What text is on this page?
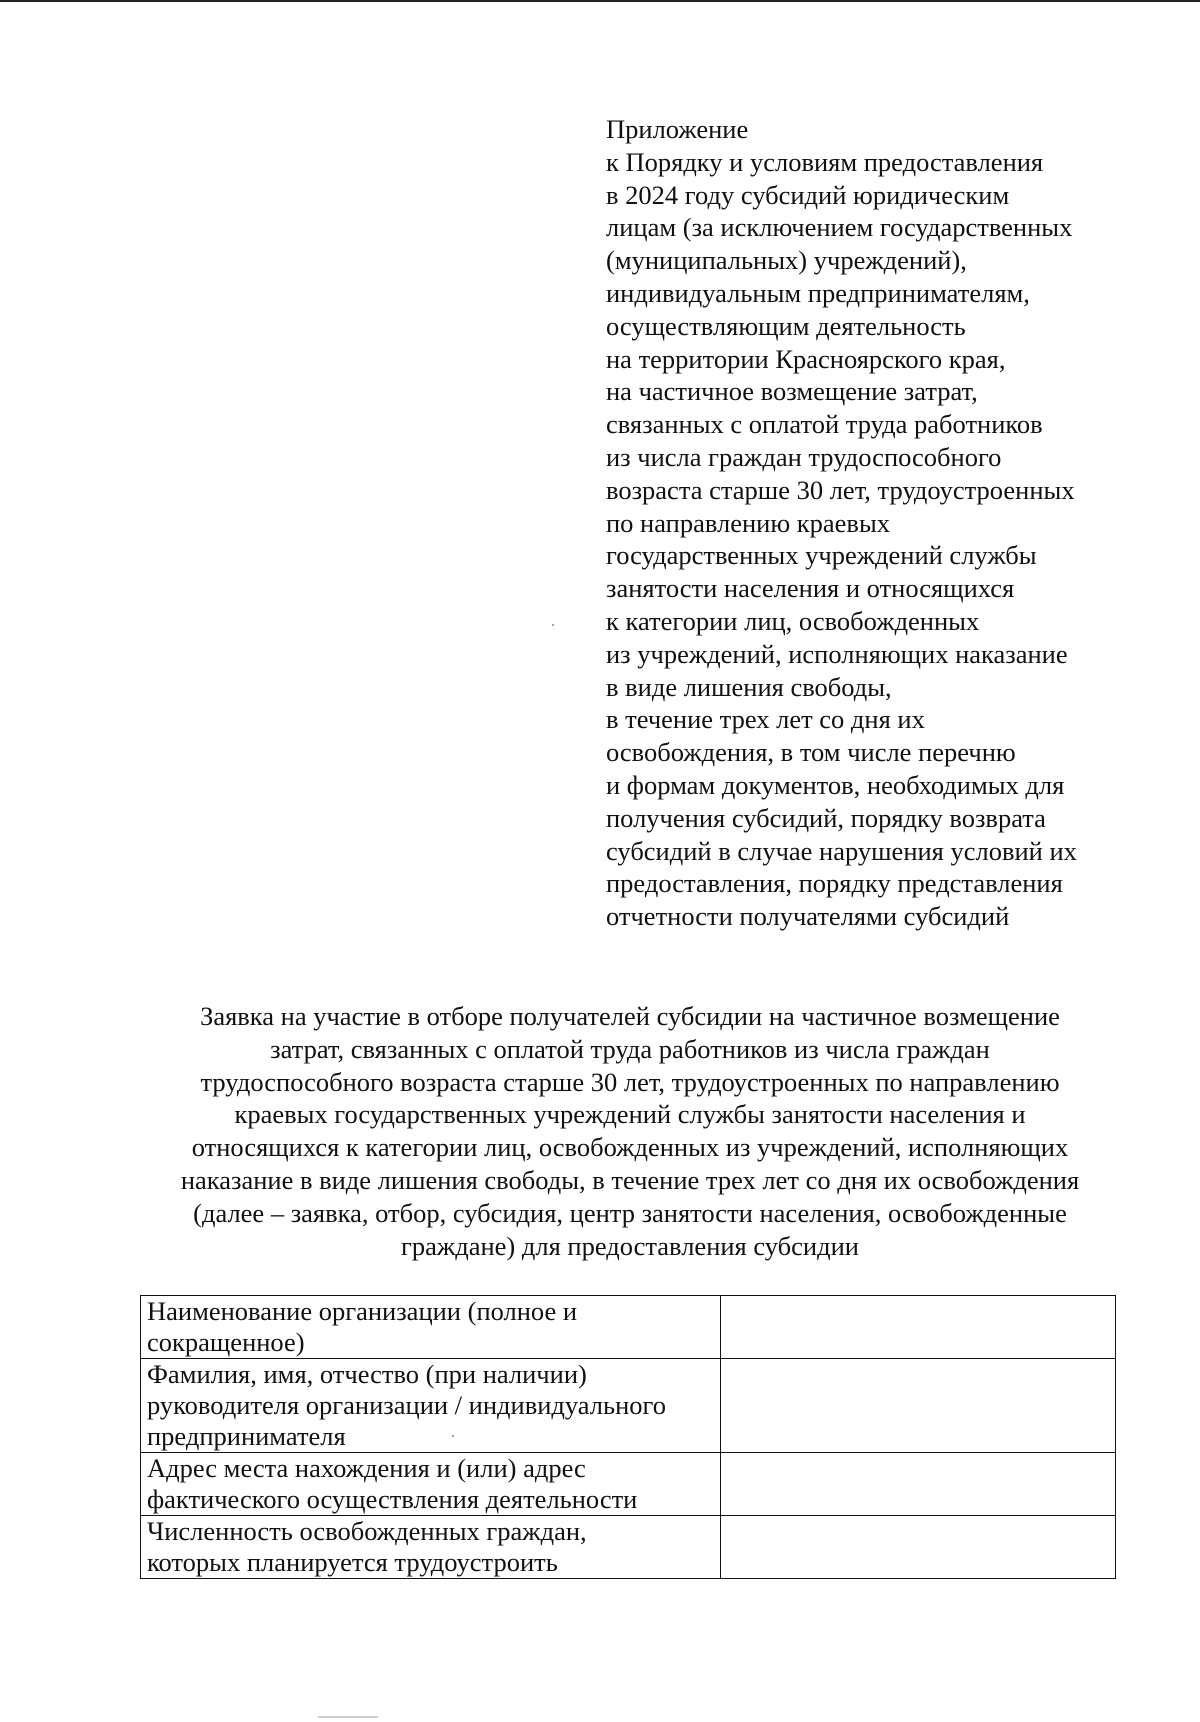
Приложение
к Порядку и условиям предоставления
в 2024 году субсидий юридическим
лицам (за исключением государственных
(муниципальных) учреждений),
индивидуальным предпринимателям,
осуществляющим деятельность
на территории Красноярского края,
на частичное возмещение затрат,
связанных с оплатой труда работников
из числа граждан трудоспособного
возраста старше 30 лет, трудоустроенных
по направлению краевых
государственных учреждений службы
занятости населения и относящихся
к категории лиц, освобожденных
из учреждений, исполняющих наказание
в виде лишения свободы,
в течение трех лет со дня их
освобождения, в том числе перечню
и формам документов, необходимых для
получения субсидий, порядку возврата
субсидий в случае нарушения условий их
предоставления, порядку представления
отчетности получателями субсидий
Заявка на участие в отборе получателей субсидии на частичное возмещение
затрат, связанных с оплатой труда работников из числа граждан
трудоспособного возраста старше 30 лет, трудоустроенных по направлению
краевых государственных учреждений службы занятости населения и
относящихся к категории лиц, освобожденных из учреждений, исполняющих
наказание в виде лишения свободы, в течение трех лет со дня их освобождения
(далее – заявка, отбор, субсидия, центр занятости населения, освобожденные
граждане) для предоставления субсидии
Наименование организации (полное и
сокращенное)	

Фамилия, имя, отчество (при наличии)
руководителя организации / индивидуального
предпринимателя	

Адрес места нахождения и (или) адрес
фактического осуществления деятельности	

Численность освобожденных граждан,
которых планируется трудоустроить	
